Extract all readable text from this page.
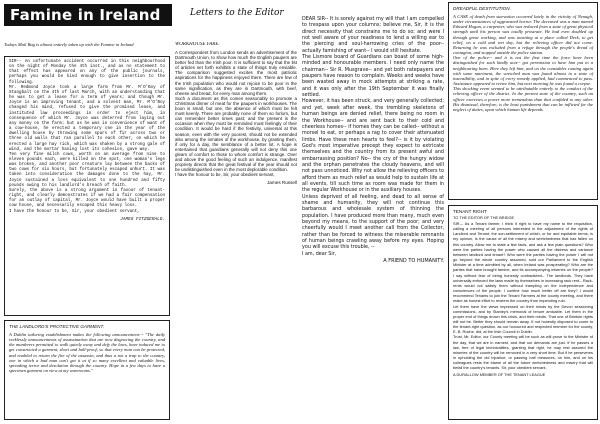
Famine in Ireland	Letters to the Editor
Todays Mail Bag is almost entirely taken up with the Famine in Ireland
SIR-- An unfortunate accident occurred in this neighbourhood on the night of Monday the 4th inst., and as no statement to that effect has appeared on any of the public journals, perhaps you would be kind enough to give insertion to the following.
Mr. Redmond Joyce took a large farm from Mr. M'O'Boy of Stangbalt on the 4th of last March, with an understanding that he was to get a lease for a term of years; and though Mr. Joyce is an improving tenant, and a solvent man, Mr. M'O'Boy changed his mind, refused to give the promised lease, and instituted law proceedings in order to eject him, in consequence of which Mr. Joyce was deterred from laying out any money on the farm; but as he was in convenience of want of a cow-house, he erected a temporary one in the year of the dwelling house by throwing some spars of fir across two or three old walls that ran parallel to each other, on which he erected a large hay rick, which was shaken by a strong gale of wind, and the mortar having lost its cohesion, gave way.
Ten very fine milch cows, worth on an average from nine to eleven pounds each, were killed on the spot, one woman's legs was broken, and another poor creature lay between the backs of two cows for six hours, but fortunately escaped unhurt. It was taken into consideration the damages done to the hay, Mr. Joyce sustained a loss equivalent to one hundred and fifty pounds owing to his landlord's breach of faith.
Surely, the above is a strong argument in favour of tenant-right, and clearly demonstrates if we had a fair compensation for an outlay of capital, Mr. Joyce would have built a proper cow house, and necessarily escaped this heavy loss.
I have the honour to be, Sir, your obedient servant,
JAMES FITZGERALD.
THE LANDLORD'S PROTECTIVE GARMENT.
A Dublin tailoring establishment makes the following announcement:-- "The daily recklessly announcements of assassination that are now disgracing the country, and the murderers permitted to walk quietly away and defy the laws, have induced me to get constructed a garment, short and ball-proof, so that every man can be protected, and enabled to return the fire of the assassin, and thus a not a trap to the country, one in which a bad man can't get it at if so many excellent and valuable lives, spreading terror and desolation through the country. Hope in a few days to have a specimen garment on view at my warerooms."
WORKHOUSE FARE.
A Correspondent from London sends an advertisement of the Dartmouth Union, to show how much the English paupers are better fed than the Irish poor. It is sufficient to say that the list of articles set forth exhibits a state of things truly enviable. The comparison suggested excites the most patriotic aspirations for the happiness enjoyed there. There are few of the Irish population who would not rejoice to be poor in the same signification, as they are in Dartmouth, with beef, cheese and bread, for every man among them.
Such a document as this comes seasonably to promote a Christmas dinner of meat for the paupers in workhouses. The boon is small, but one, the absence of which must be felt most keenly. There are probably none of them so forlorn, but can remember better times past; and the present is the occasion when they must be reminded most feelingly of their condition. It would be hard if the festivity, universal at this season, even with the very poorest, should not be extended also among the inmates of the workhouse, by granting them, if only for a day, the semblance of a better lot. A hope is entertained that guardians generally will not deny this one gleam of comfort to those to whom comfort is strange. Over and above the good feeling of such an indulgence, manifest propriety directs that the great festival of the year should not be undistinguished even in the most deplorable condition.
I have the honour to be, Sir, your obedient servant,
James Russell
DEAR SIR-- It is sorely against my will that I am compelled to trespass upon your columns; believe me, Sir, it is the direct necessity that constrains me to do so; and were I not well aware of your readiness to lend a willing ear to the piercing and soul-harrowing cries of the poor-- actually famishing of want-- I would still hesitate.
The Lismore board of Guardians can boast of some high-minded and honourable members. I need only name the chairman-- Sir R. Musgrave-- and yet both ratepayers and paupers have reason to complain. Weeks and weeks have been wasted away in mock attempts at striking a rate, and it was only after the 19th September it was finally settled.
However, it has been struck, and very generally collected; and yet, week after week, the trembling skeletons of human beings are denied relief, there being no room in the Workhouse-- and are sent back to their cold and cheerless homes-- if homes they can be called-- without a morsel to eat, or perhaps a rag to cover their attenuated limbs. Have these men hearts to feel?-- is it by violating God's most imperative precept they expect to extricate themselves and the country from its present awful and embarrassing position? No-- the cry of the hungry widow and the orphan penetrates the cloudy heavens, and will not pass unnoticed. Why not allow the relieving officers to afford them as much relief as would help to sustain life at all events, till such time as room was made for them in the regular Workhouse or in the auxiliary houses.
Unless deprived of all feeling, and dead to all sense of shame and humanity, they will not continue this barbarous and wholesale system of thinning the population. I have produced more than many, much even beyond my means, to the support of the poor; and very cheerfully would I meet another call from the Collector, rather than be forced to witness the miserable remnants of human beings crawling away before my eyes. Hoping you will excuse this trouble, --
I am, dear Sir,
A FRIEND TO HUMANITY.
DREADFUL DESTITUTION.
A CASE of death from starvation occurred lately in the vicinity of Nenagh, under circumstances of aggravated horror. The deceased was a man named Edward Hogan, a carpenter, who was reduced from a state of great physical strength until his person was totally prostrate. He had even doubled up through great working, and was awaiting at a place called Derk, to get relief, on a cold and wet day, but the relieving officer did not come. Returning he was excluded from a refuge through the people's dread of contagion, and stopped outside the police station.
One of the police-- and it is not the first time the force have been distinguished for such kindly acts-- got permission to have him put in a neighbouring barn. Here they left him, and on the constables coming again with some nutriment, the wretched man was found almost in a state of insensibility, and in spite of every remedy applied, had commenced to pass. Assistance appeared to revive him, but next morning he was found a corpse.
This shocking event seemed to be attributable entirely to the conduct of the relieving officer of the district. In the present state of the country, such an officer exercises a power more tremendous than that confided to any other. His dismissal, therefore, is the least punishment that can be inflicted for the neglect of duties, upon which human life depends.
TENANT RIGHT
TO THE EDITOR OF THE BRIDGE
SIR,-- As a Tenant farmer, I think it right to have my name to the requisition, calling a meeting of all persons interested in the adjustment of the rights of Landlord and Tenant; the son-settlement of which, or for and equitable terms, is my opinion, is the cause of all the misery and wretchedness that has fallen on this country. Allow me to state a few facts, and ask a few plain questions? Who were the parties having the power who caused all the distress and variance between landlord and tenant? Who were the parties having the power I will not go beyond the whole country assumed, sold our Parliament to the English Minister at a time admitted by all, when Ireland was prosperating? Who are the parties that have brought famine, and its accompanying miseries on the people? I say without fear of being honestly contradicted-- The landlords. They have universally enforced the laws made by themselves in increasing rack rent-- Rack-rents would not satisfy them without trampling on the independence and consciences of the people. I confine how much better off are they? I would recommend Tenants to join the Tenant Farmers at the county meeting, and there make as honest effort to redeem the country from impending ruin.
Let them have the views impressed on their minds by the Devon sessioning commissions, and by Stanley's memorial of tenure amicable. Let them in the proper end of things drown this crisis, and their minds. That one of Brintule rights will not be. Better they should remain away. If not honestly disposed to come to the tenant-right question, as our honoured and respected member for the county, E. B. Roche, did, at the Irish Council in Dublin.
Trust, Mr. Editor, our County meeting will be such as will prove to the Minister of the day, that we are in earnest, and that our demands are just. If he passes a law, free of legal technicalities, granting that right, he may rest assured the miseries of the country will be removed in a very short time. But if he perseveres in upholding the old injustice, or passing half measures, on him, and on his colleagues rests the blame of all the future wretchedness and misery that will befall the country's tenants. Sir, your obedient servant,
A DURALLOW MEMBER OF THE TENANT LEAGUE
